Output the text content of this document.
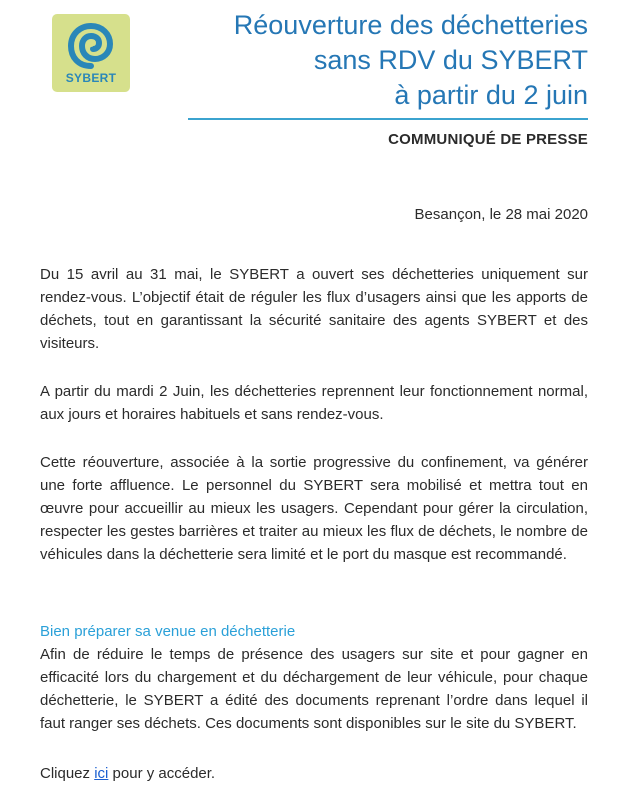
SYBERT
Réouverture des déchetteries
sans RDV du SYBERT
à partir du 2 juin
COMMUNIQUÉ DE PRESSE
Besançon, le 28 mai 2020

Du 15 avril au 31 mai, le SYBERT a ouvert ses déchetteries uniquement sur rendez-vous. L’objectif était de réguler les flux d’usagers ainsi que les apports de déchets, tout en garantissant la sécurité sanitaire des agents SYBERT et des visiteurs.

A partir du mardi 2 Juin, les déchetteries reprennent leur fonctionnement normal, aux jours et horaires habituels et sans rendez-vous.

Cette réouverture, associée à la sortie progressive du confinement, va générer une forte affluence. Le personnel du SYBERT sera mobilisé et mettra tout en œuvre pour accueillir au mieux les usagers. Cependant pour gérer la circulation, respecter les gestes barrières et traiter au mieux les flux de déchets, le nombre de véhicules dans la déchetterie sera limité et le port du masque est recommandé.

Bien préparer sa venue en déchetterie

Afin de réduire le temps de présence des usagers sur site et pour gagner en efficacité lors du chargement et du déchargement de leur véhicule, pour chaque déchetterie, le SYBERT a édité des documents reprenant l’ordre dans lequel il faut ranger ses déchets. Ces documents sont disponibles sur le site du SYBERT.

Cliquez ici pour y accéder.
